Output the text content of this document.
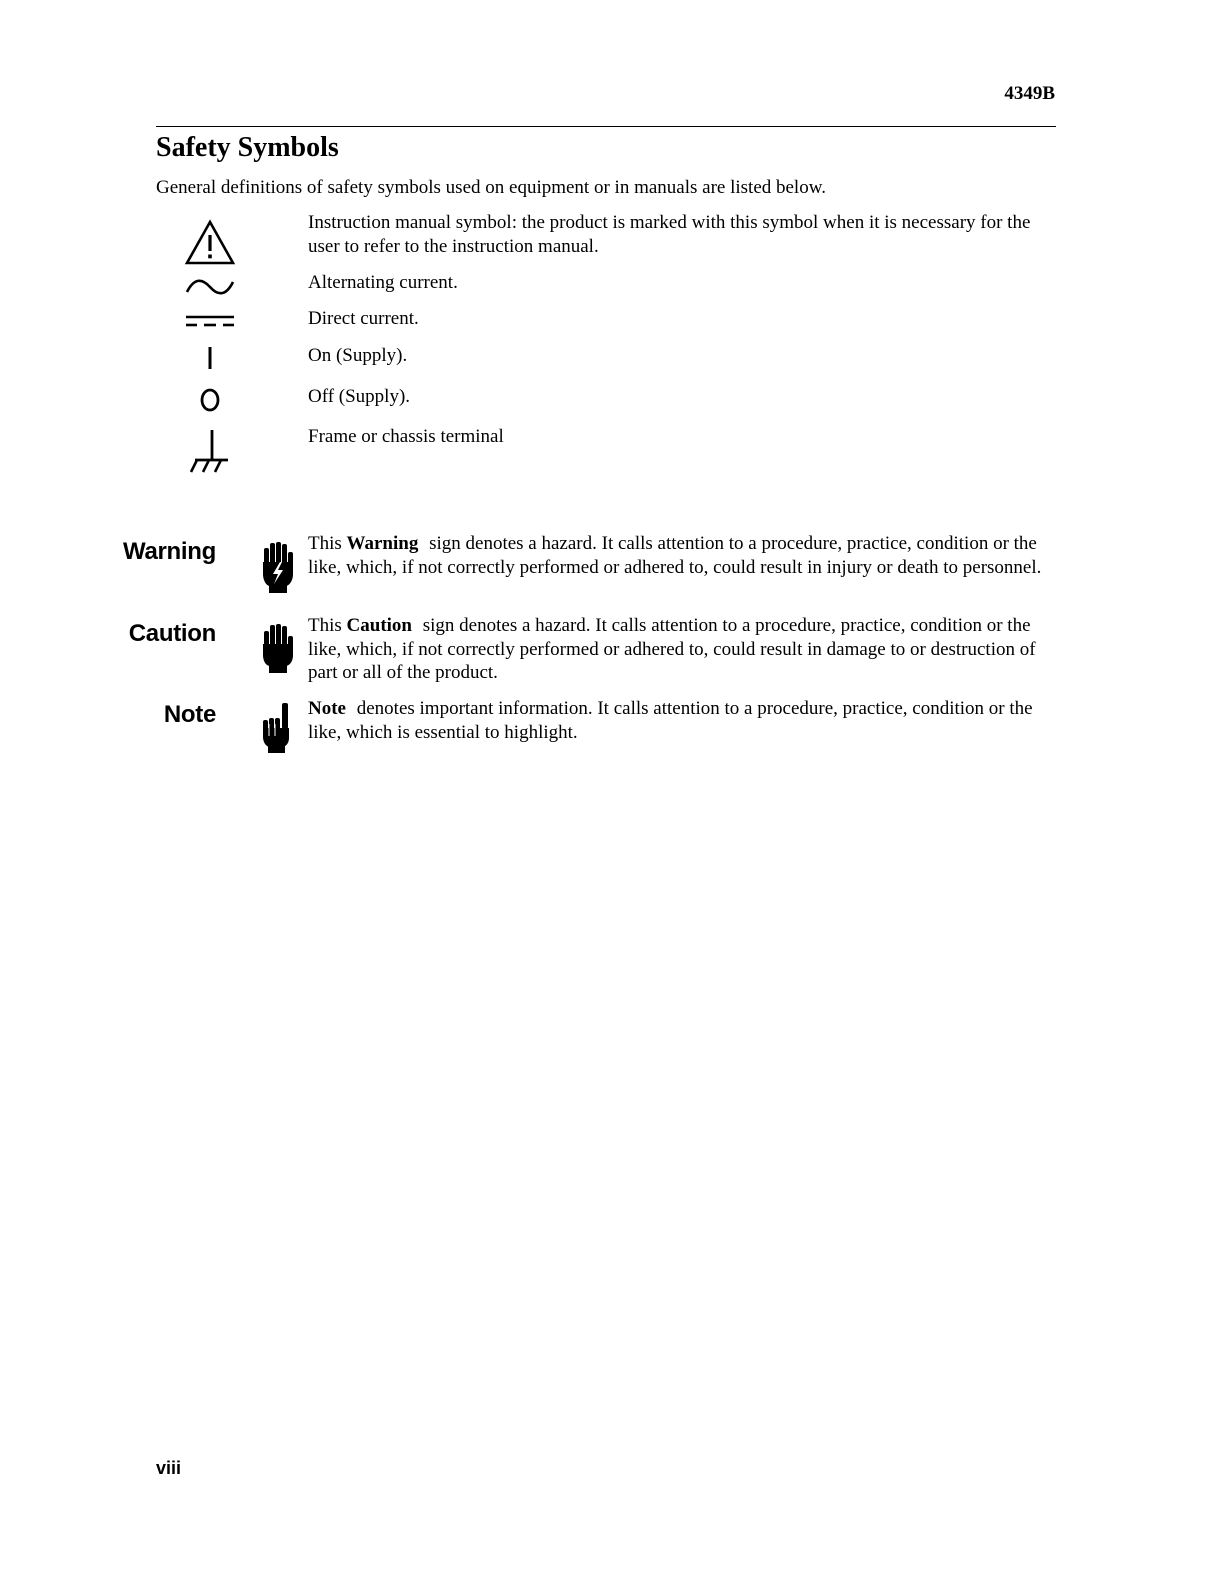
4349B
Safety Symbols
General definitions of safety symbols used on equipment or in manuals are listed below.
Instruction manual symbol: the product is marked with this symbol when it is necessary for the user to refer to the instruction manual.
Alternating current.
Direct current.
On (Supply).
Off (Supply).
Frame or chassis terminal
Warning	This Warning sign denotes a hazard. It calls attention to a procedure, practice, condition or the like, which, if not correctly performed or adhered to, could result in injury or death to personnel.
Caution	This Caution sign denotes a hazard. It calls attention to a procedure, practice, condition or the like, which, if not correctly performed or adhered to, could result in damage to or destruction of part or all of the product.
Note	Note denotes important information. It calls attention to a procedure, practice, condition or the like, which is essential to highlight.
viii
